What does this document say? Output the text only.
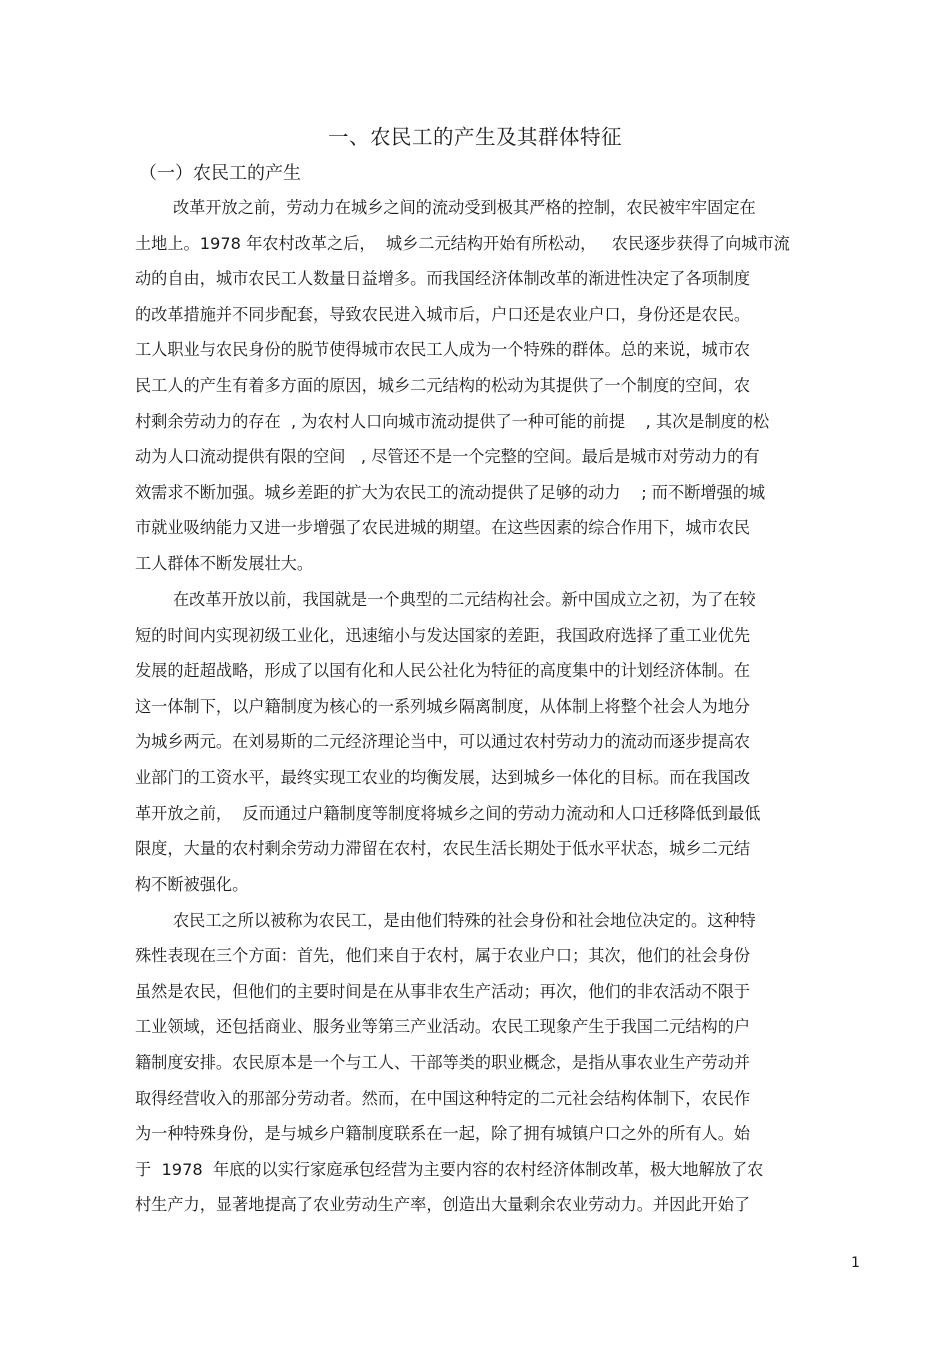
一、农民工的产生及其群体特征
（一）农民工的产生
改革开放之前，劳动力在城乡之间的流动受到极其严格的控制，农民被牢牢固定在
土地上。1978 年农村改革之后，  城乡二元结构开始有所松动，   农民逐步获得了向城市流
动的自由，城市农民工人数量日益增多。而我国经济体制改革的渐进性决定了各项制度
的改革措施并不同步配套，导致农民进入城市后，户口还是农业户口，身份还是农民。
工人职业与农民身份的脱节使得城市农民工人成为一个特殊的群体。总的来说，城市农
民工人的产生有着多方面的原因，城乡二元结构的松动为其提供了一个制度的空间，农
村剩余劳动力的存在  , 为农村人口向城市流动提供了一种可能的前提    , 其次是制度的松
动为人口流动提供有限的空间   , 尽管还不是一个完整的空间。最后是城市对劳动力的有
效需求不断加强。城乡差距的扩大为农民工的流动提供了足够的动力    ; 而不断增强的城
市就业吸纳能力又进一步增强了农民进城的期望。在这些因素的综合作用下，城市农民
工人群体不断发展壮大。
在改革开放以前，我国就是一个典型的二元结构社会。新中国成立之初，为了在较
短的时间内实现初级工业化，迅速缩小与发达国家的差距，我国政府选择了重工业优先
发展的赶超战略，形成了以国有化和人民公社化为特征的高度集中的计划经济体制。在
这一体制下，以户籍制度为核心的一系列城乡隔离制度，从体制上将整个社会人为地分
为城乡两元。在刘易斯的二元经济理论当中，可以通过农村劳动力的流动而逐步提高农
业部门的工资水平，最终实现工农业的均衡发展，达到城乡一体化的目标。而在我国改
革开放之前，  反而通过户籍制度等制度将城乡之间的劳动力流动和人口迁移降低到最低
限度，大量的农村剩余劳动力滞留在农村，农民生活长期处于低水平状态，城乡二元结
构不断被强化。
农民工之所以被称为农民工，是由他们特殊的社会身份和社会地位决定的。这种特
殊性表现在三个方面：首先，他们来自于农村，属于农业户口；其次，他们的社会身份
虽然是农民，但他们的主要时间是在从事非农生产活动；再次，他们的非农活动不限于
工业领域，还包括商业、服务业等第三产业活动。农民工现象产生于我国二元结构的户
籍制度安排。农民原本是一个与工人、干部等类的职业概念，是指从事农业生产劳动并
取得经营收入的那部分劳动者。然而，在中国这种特定的二元社会结构体制下，农民作
为一种特殊身份，是与城乡户籍制度联系在一起，除了拥有城镇户口之外的所有人。始
于  1978  年底的以实行家庭承包经营为主要内容的农村经济体制改革，极大地解放了农
村生产力，显著地提高了农业劳动生产率，创造出大量剩余农业劳动力。并因此开始了
1
